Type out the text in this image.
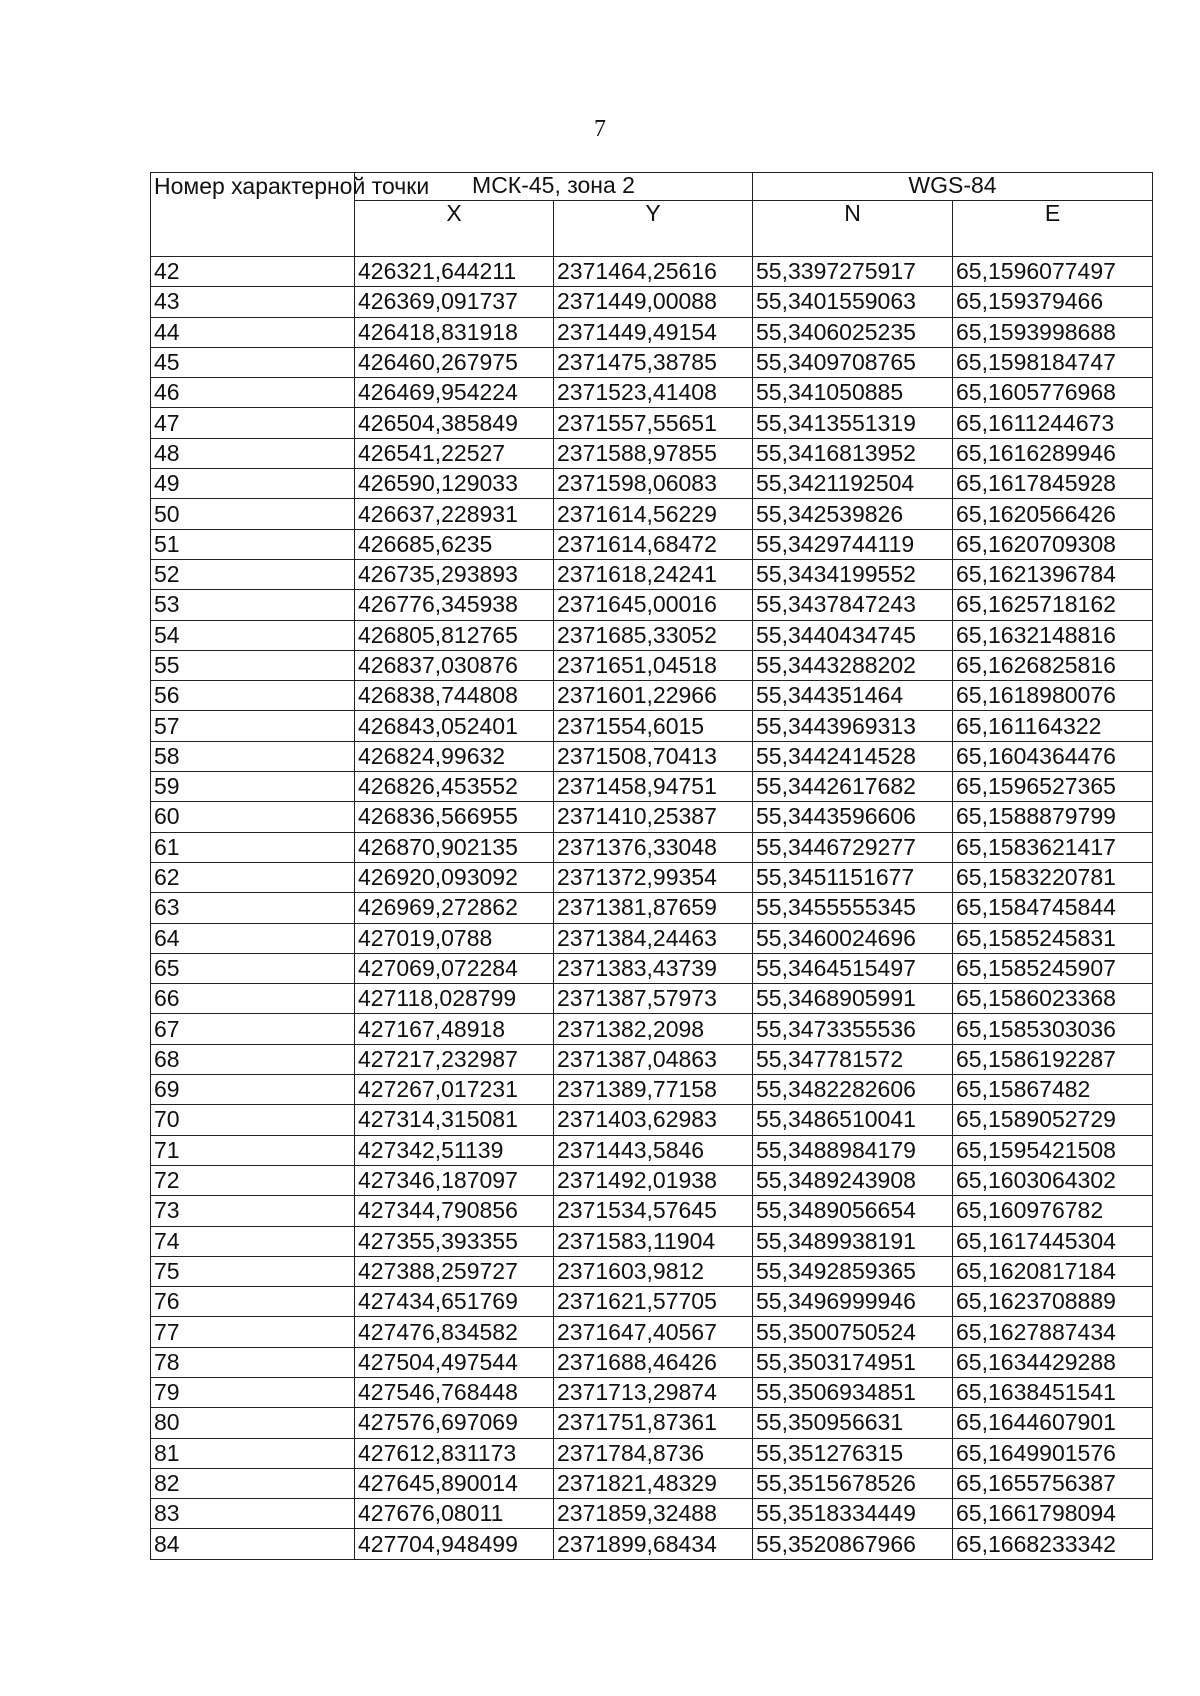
7
Номер характерной точки	МСК-45, зона 2		WGS-84	
	X	Y	N	E
42	426321,644211	2371464,25616	55,3397275917	65,1596077497
43	426369,091737	2371449,00088	55,3401559063	65,159379466
44	426418,831918	2371449,49154	55,3406025235	65,1593998688
45	426460,267975	2371475,38785	55,3409708765	65,1598184747
46	426469,954224	2371523,41408	55,341050885	65,1605776968
47	426504,385849	2371557,55651	55,3413551319	65,1611244673
48	426541,22527	2371588,97855	55,3416813952	65,1616289946
49	426590,129033	2371598,06083	55,3421192504	65,1617845928
50	426637,228931	2371614,56229	55,342539826	65,1620566426
51	426685,6235	2371614,68472	55,3429744119	65,1620709308
52	426735,293893	2371618,24241	55,3434199552	65,1621396784
53	426776,345938	2371645,00016	55,3437847243	65,1625718162
54	426805,812765	2371685,33052	55,3440434745	65,1632148816
55	426837,030876	2371651,04518	55,3443288202	65,1626825816
56	426838,744808	2371601,22966	55,344351464	65,1618980076
57	426843,052401	2371554,6015	55,3443969313	65,161164322
58	426824,99632	2371508,70413	55,3442414528	65,1604364476
59	426826,453552	2371458,94751	55,3442617682	65,1596527365
60	426836,566955	2371410,25387	55,3443596606	65,1588879799
61	426870,902135	2371376,33048	55,3446729277	65,1583621417
62	426920,093092	2371372,99354	55,3451151677	65,1583220781
63	426969,272862	2371381,87659	55,3455555345	65,1584745844
64	427019,0788	2371384,24463	55,3460024696	65,1585245831
65	427069,072284	2371383,43739	55,3464515497	65,1585245907
66	427118,028799	2371387,57973	55,3468905991	65,1586023368
67	427167,48918	2371382,2098	55,3473355536	65,1585303036
68	427217,232987	2371387,04863	55,347781572	65,1586192287
69	427267,017231	2371389,77158	55,3482282606	65,15867482
70	427314,315081	2371403,62983	55,3486510041	65,1589052729
71	427342,51139	2371443,5846	55,3488984179	65,1595421508
72	427346,187097	2371492,01938	55,3489243908	65,1603064302
73	427344,790856	2371534,57645	55,3489056654	65,160976782
74	427355,393355	2371583,11904	55,3489938191	65,1617445304
75	427388,259727	2371603,9812	55,3492859365	65,1620817184
76	427434,651769	2371621,57705	55,3496999946	65,1623708889
77	427476,834582	2371647,40567	55,3500750524	65,1627887434
78	427504,497544	2371688,46426	55,3503174951	65,1634429288
79	427546,768448	2371713,29874	55,3506934851	65,1638451541
80	427576,697069	2371751,87361	55,350956631	65,1644607901
81	427612,831173	2371784,8736	55,351276315	65,1649901576
82	427645,890014	2371821,48329	55,3515678526	65,1655756387
83	427676,08011	2371859,32488	55,3518334449	65,1661798094
84	427704,948499	2371899,68434	55,3520867966	65,1668233342
